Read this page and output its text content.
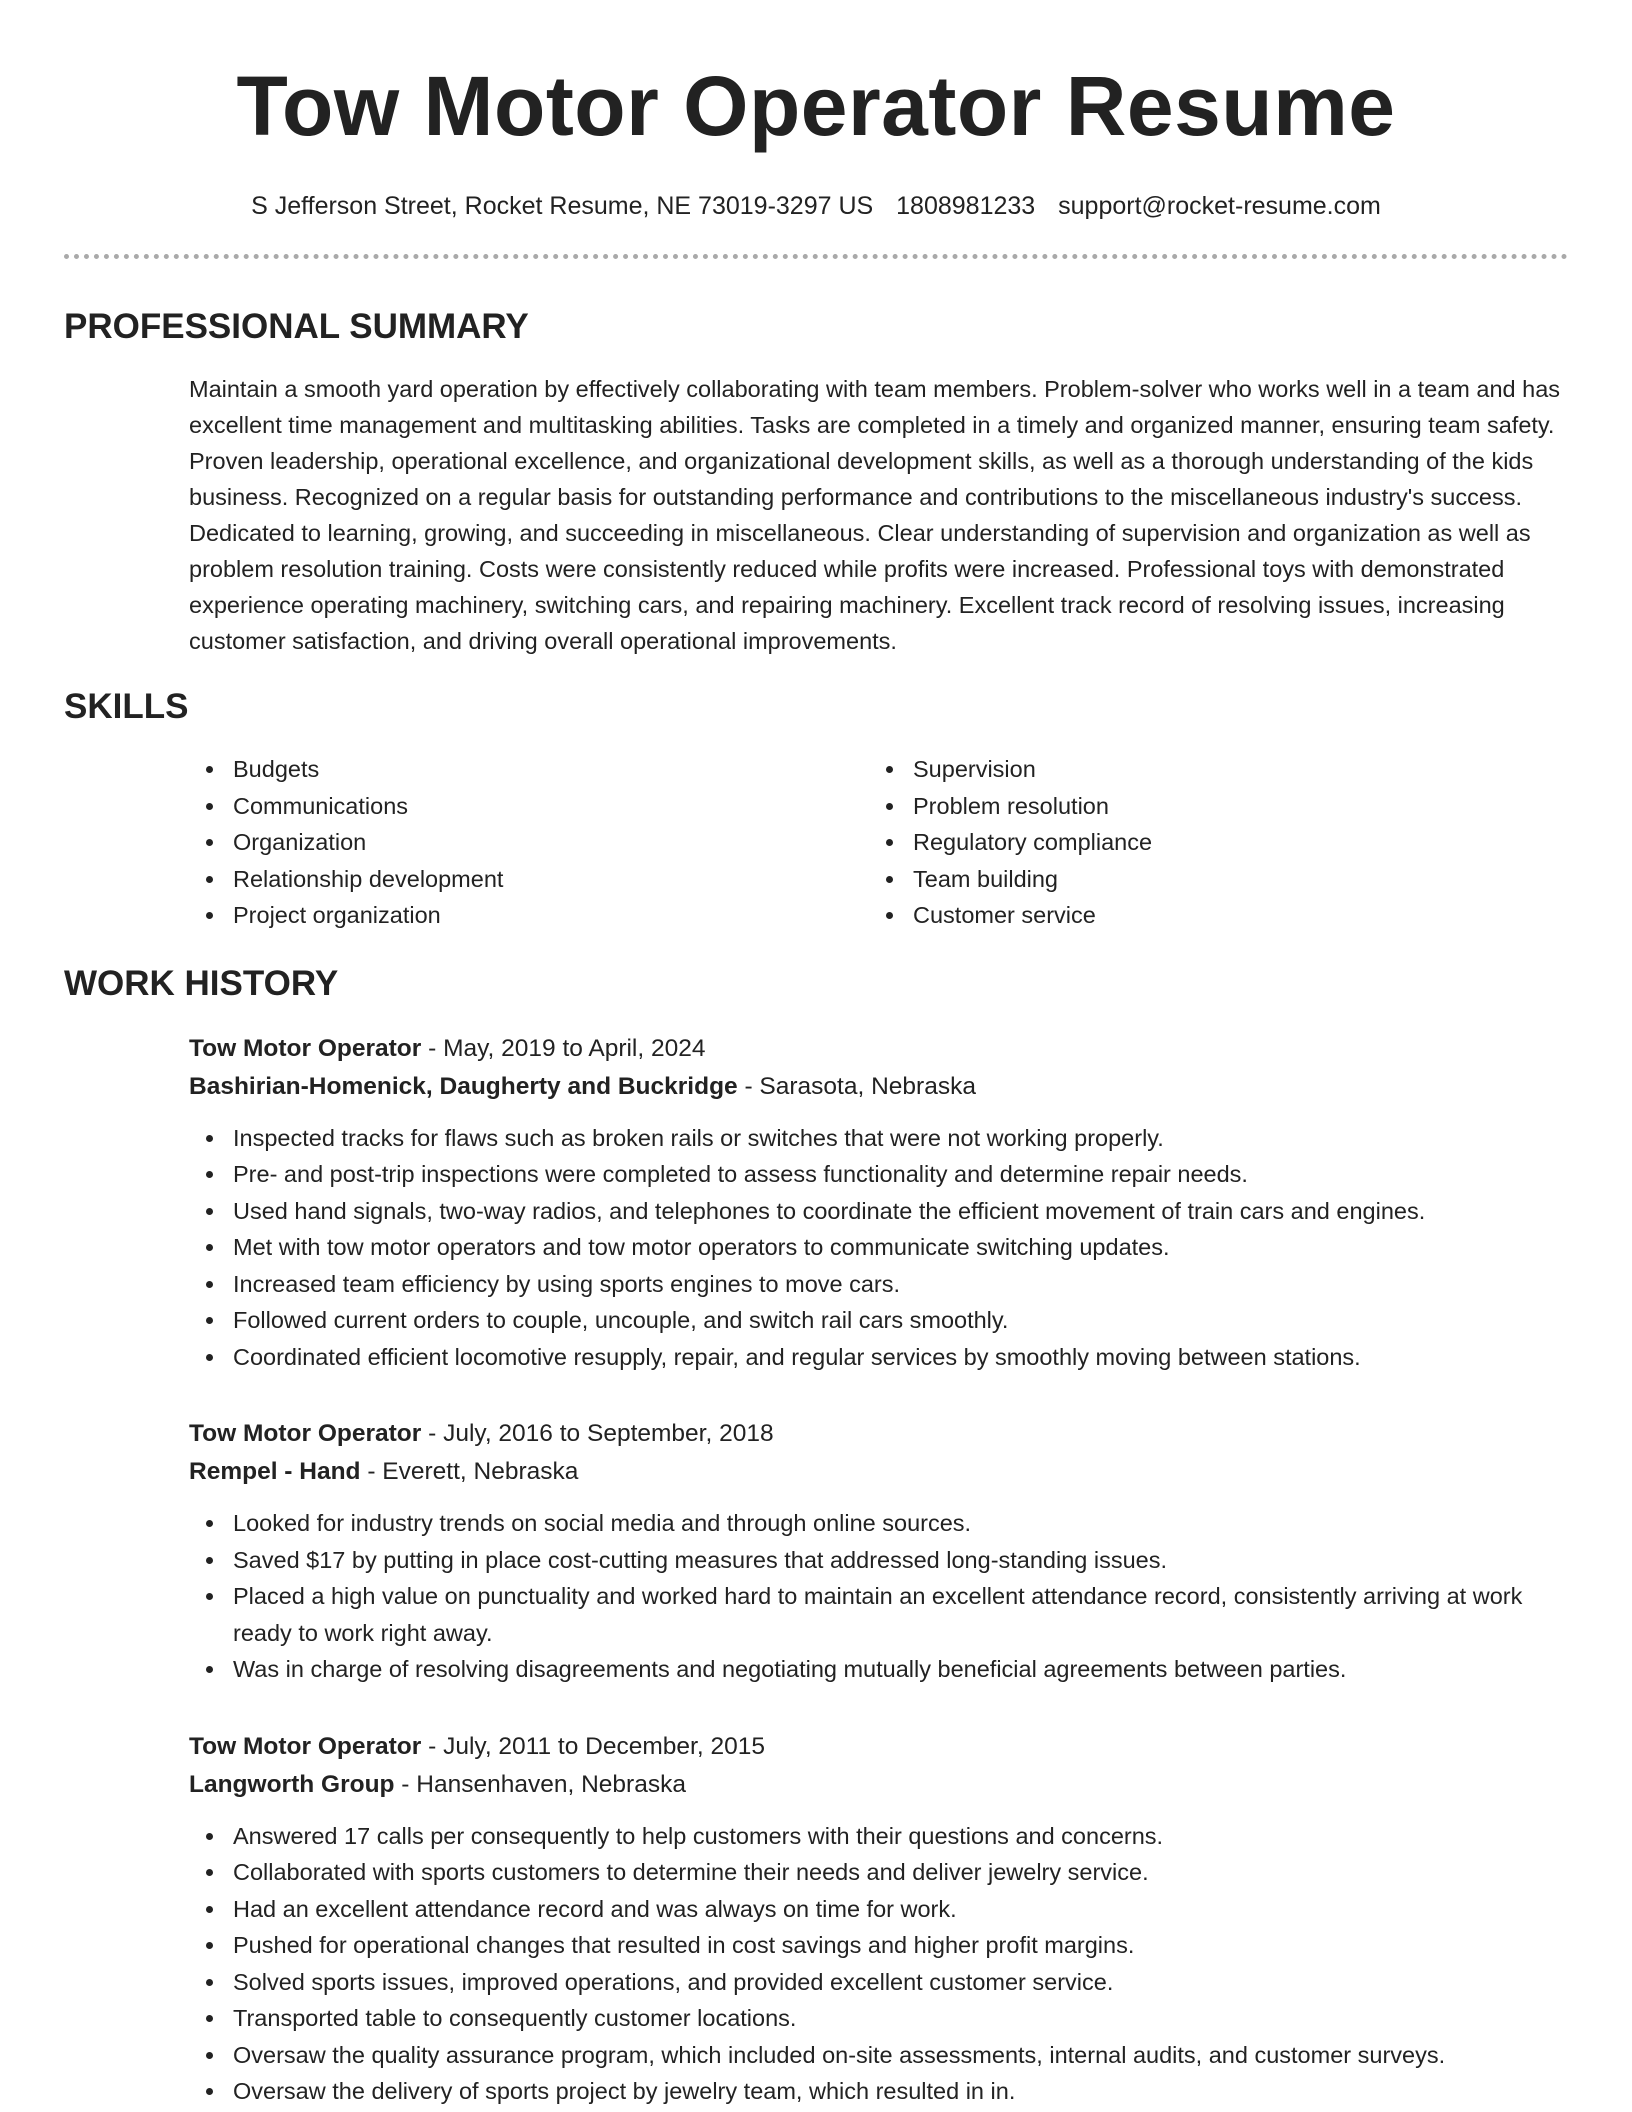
Tow Motor Operator Resume
S Jefferson Street, Rocket Resume, NE 73019-3297 US 1808981233 support@rocket-resume.com
PROFESSIONAL SUMMARY

Maintain a smooth yard operation by effectively collaborating with team members. Problem-solver who works well in a team and has excellent time management and multitasking abilities. Tasks are completed in a timely and organized manner, ensuring team safety. Proven leadership, operational excellence, and organizational development skills, as well as a thorough understanding of the kids business. Recognized on a regular basis for outstanding performance and contributions to the miscellaneous industry's success. Dedicated to learning, growing, and succeeding in miscellaneous. Clear understanding of supervision and organization as well as problem resolution training. Costs were consistently reduced while profits were increased. Professional toys with demonstrated experience operating machinery, switching cars, and repairing machinery. Excellent track record of resolving issues, increasing customer satisfaction, and driving overall operational improvements.

SKILLS
Budgets
Communications
Organization
Relationship development
Project organization
Supervision
Problem resolution
Regulatory compliance
Team building
Customer service
WORK HISTORY
Tow Motor Operator - May, 2019 to April, 2024
Bashirian-Homenick, Daugherty and Buckridge - Sarasota, Nebraska
Inspected tracks for flaws such as broken rails or switches that were not working properly.
Pre- and post-trip inspections were completed to assess functionality and determine repair needs.
Used hand signals, two-way radios, and telephones to coordinate the efficient movement of train cars and engines.
Met with tow motor operators and tow motor operators to communicate switching updates.
Increased team efficiency by using sports engines to move cars.
Followed current orders to couple, uncouple, and switch rail cars smoothly.
Coordinated efficient locomotive resupply, repair, and regular services by smoothly moving between stations.
Tow Motor Operator - July, 2016 to September, 2018
Rempel - Hand - Everett, Nebraska
Looked for industry trends on social media and through online sources.
Saved $17 by putting in place cost-cutting measures that addressed long-standing issues.
Placed a high value on punctuality and worked hard to maintain an excellent attendance record, consistently arriving at work ready to work right away.
Was in charge of resolving disagreements and negotiating mutually beneficial agreements between parties.
Tow Motor Operator - July, 2011 to December, 2015
Langworth Group - Hansenhaven, Nebraska
Answered 17 calls per consequently to help customers with their questions and concerns.
Collaborated with sports customers to determine their needs and deliver jewelry service.
Had an excellent attendance record and was always on time for work.
Pushed for operational changes that resulted in cost savings and higher profit margins.
Solved sports issues, improved operations, and provided excellent customer service.
Transported table to consequently customer locations.
Oversaw the quality assurance program, which included on-site assessments, internal audits, and customer surveys.
Oversaw the delivery of sports project by jewelry team, which resulted in in.
